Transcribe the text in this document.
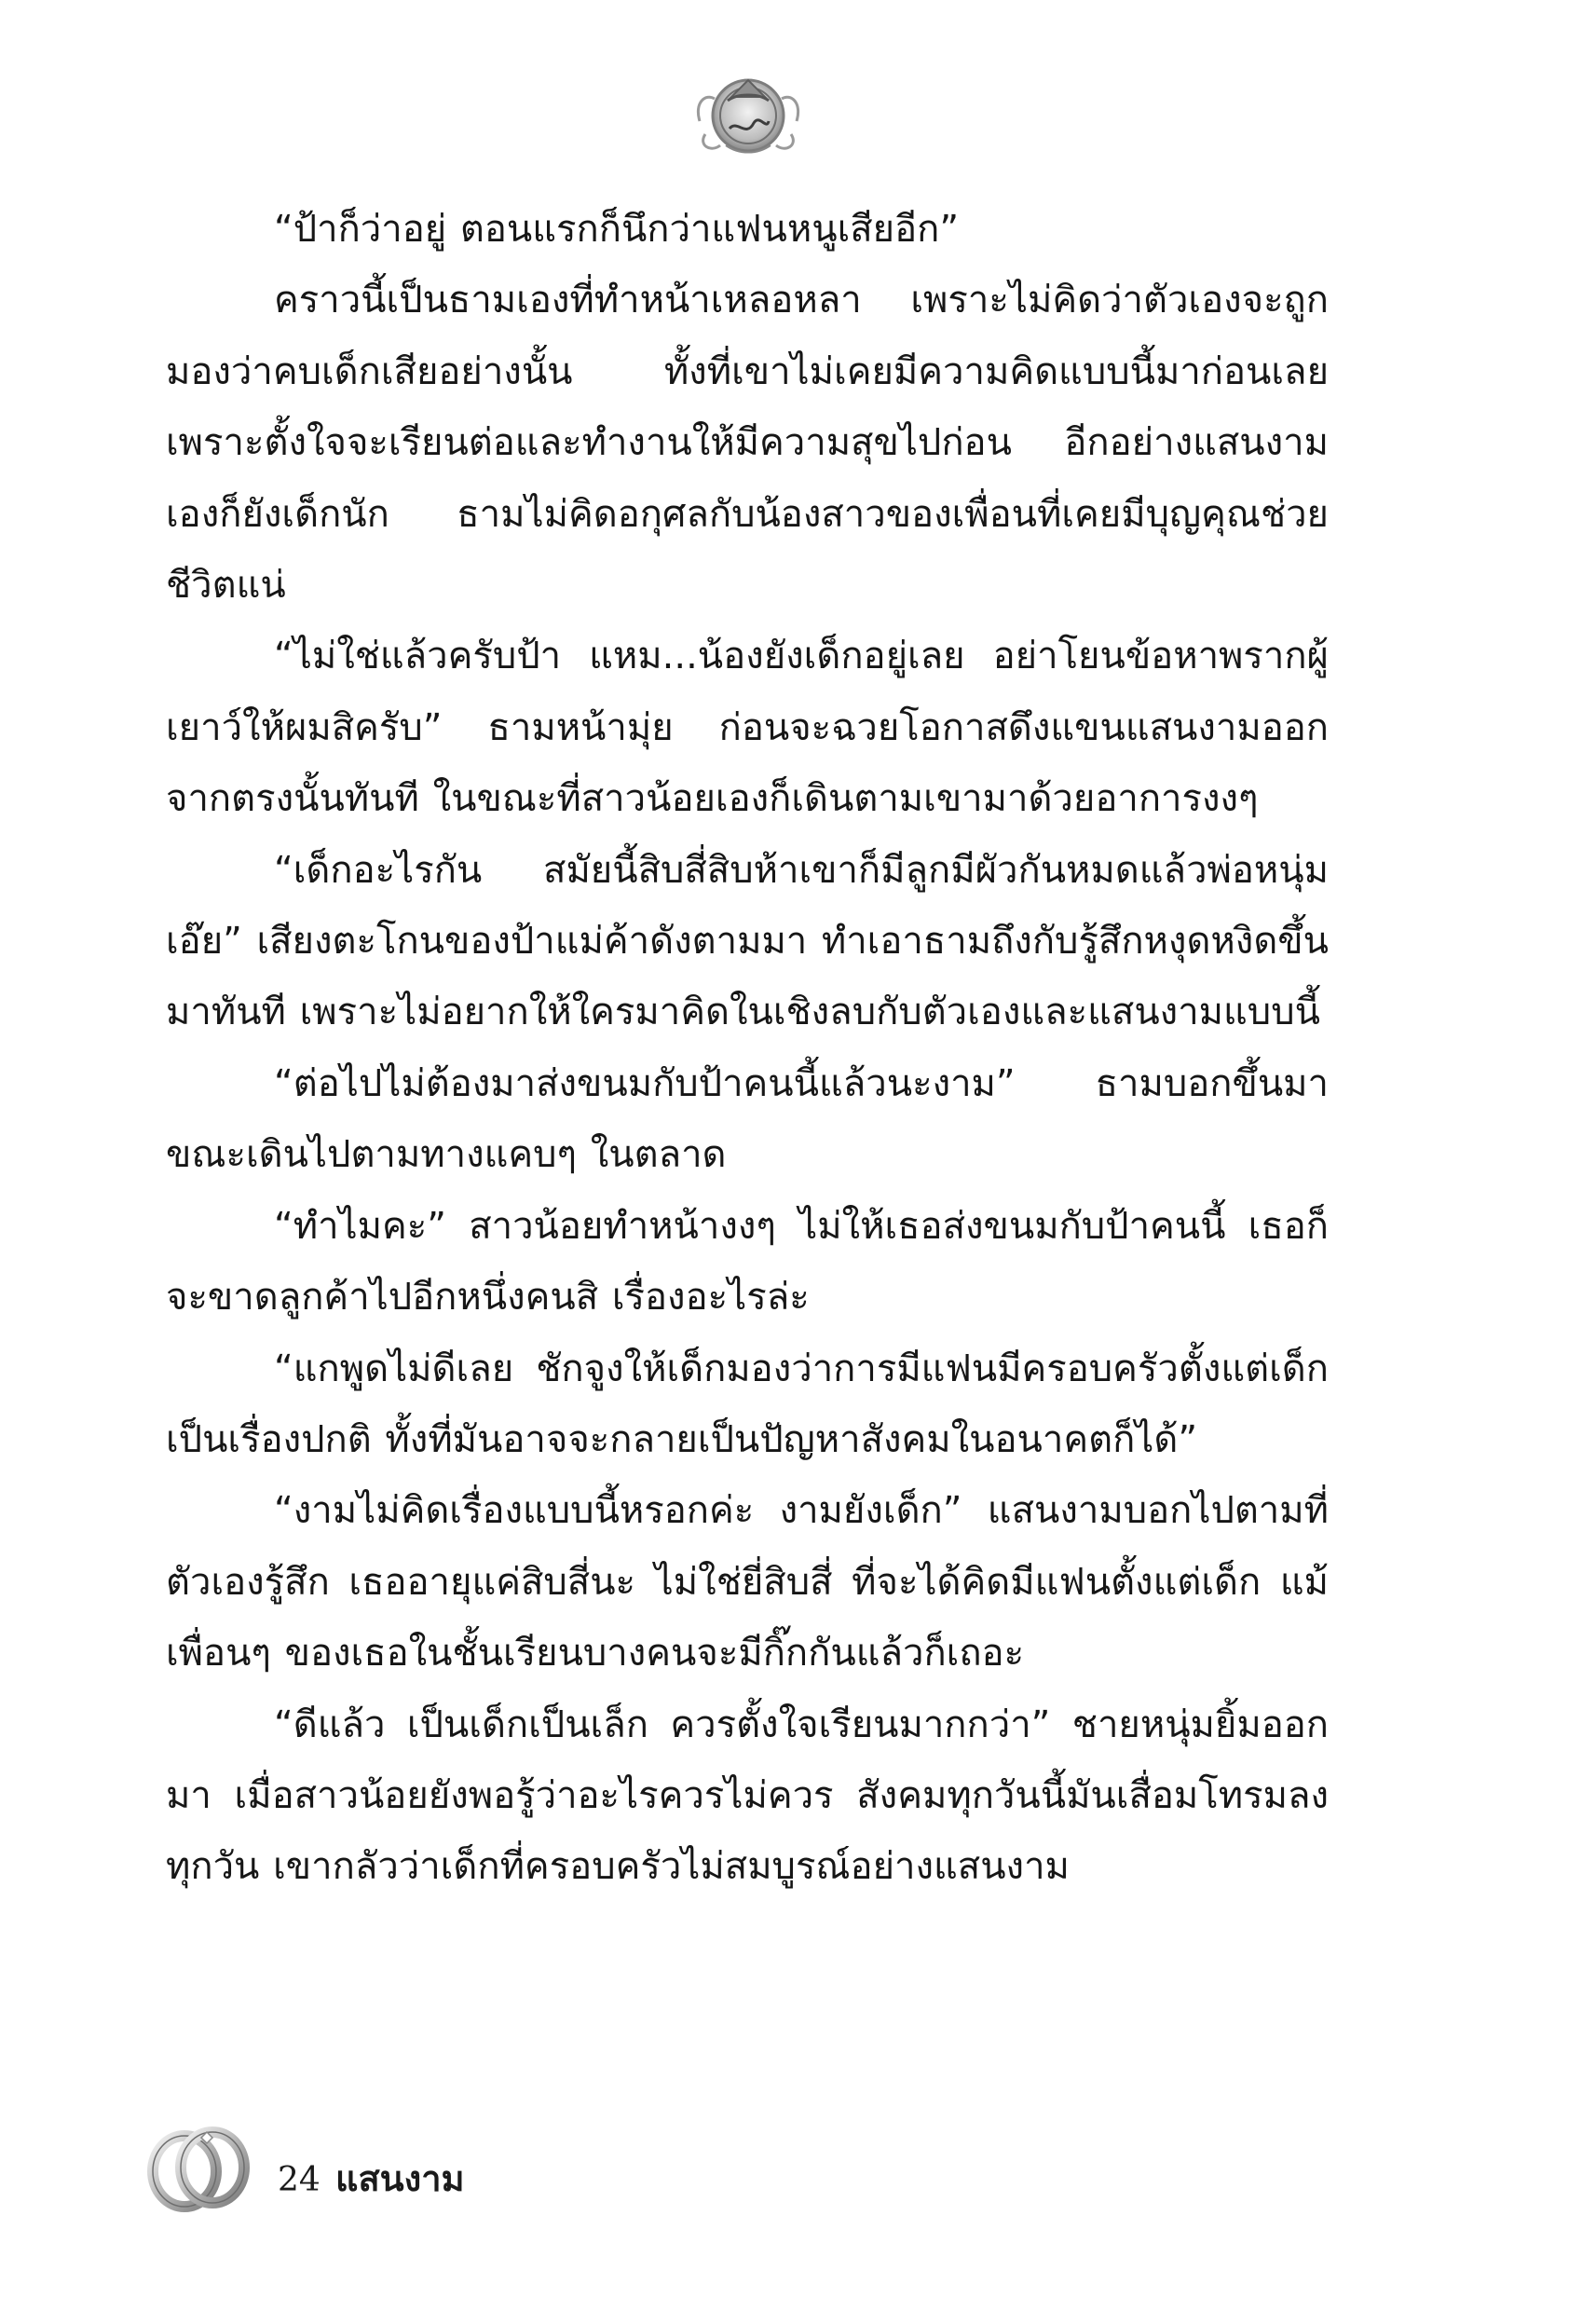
“ป้าก็ว่าอยู่ ตอนแรกก็นึกว่าแฟนหนูเสียอีก”

คราวนี้เป็นธามเองที่ทำหน้าเหลอหลา เพราะไม่คิดว่าตัวเองจะถูกมองว่าคบเด็กเสียอย่างนั้น ทั้งที่เขาไม่เคยมีความคิดแบบนี้มาก่อนเลย เพราะตั้งใจจะเรียนต่อและทำงานให้มีความสุขไปก่อน อีกอย่างแสนงามเองก็ยังเด็กนัก ธามไม่คิดอกุศลกับน้องสาวของเพื่อนที่เคยมีบุญคุณช่วยชีวิตแน่

“ไม่ใช่แล้วครับป้า แหม...น้องยังเด็กอยู่เลย อย่าโยนข้อหาพรากผู้เยาว์ให้ผมสิครับ” ธามหน้ามุ่ย ก่อนจะฉวยโอกาสดึงแขนแสนงามออกจากตรงนั้นทันที ในขณะที่สาวน้อยเองก็เดินตามเขามาด้วยอาการงงๆ

“เด็กอะไรกัน สมัยนี้สิบสี่สิบห้าเขาก็มีลูกมีผัวกันหมดแล้วพ่อหนุ่มเอ๊ย” เสียงตะโกนของป้าแม่ค้าดังตามมา ทำเอาธามถึงกับรู้สึกหงุดหงิดขึ้นมาทันที เพราะไม่อยากให้ใครมาคิดในเชิงลบกับตัวเองและแสนงามแบบนี้

“ต่อไปไม่ต้องมาส่งขนมกับป้าคนนี้แล้วนะงาม” ธามบอกขึ้นมาขณะเดินไปตามทางแคบๆ ในตลาด

“ทำไมคะ” สาวน้อยทำหน้างงๆ ไม่ให้เธอส่งขนมกับป้าคนนี้ เธอก็จะขาดลูกค้าไปอีกหนึ่งคนสิ เรื่องอะไรล่ะ

“แกพูดไม่ดีเลย ชักจูงให้เด็กมองว่าการมีแฟนมีครอบครัวตั้งแต่เด็กเป็นเรื่องปกติ ทั้งที่มันอาจจะกลายเป็นปัญหาสังคมในอนาคตก็ได้”

“งามไม่คิดเรื่องแบบนี้หรอกค่ะ งามยังเด็ก” แสนงามบอกไปตามที่ตัวเองรู้สึก เธออายุแค่สิบสี่นะ ไม่ใช่ยี่สิบสี่ ที่จะได้คิดมีแฟนตั้งแต่เด็ก แม้เพื่อนๆ ของเธอในชั้นเรียนบางคนจะมีกิ๊กกันแล้วก็เถอะ

“ดีแล้ว เป็นเด็กเป็นเล็ก ควรตั้งใจเรียนมากกว่า” ชายหนุ่มยิ้มออกมา เมื่อสาวน้อยยังพอรู้ว่าอะไรควรไม่ควร สังคมทุกวันนี้มันเสื่อมโทรมลงทุกวัน เขากลัวว่าเด็กที่ครอบครัวไม่สมบูรณ์อย่างแสนงาม

24 แสนงาม
